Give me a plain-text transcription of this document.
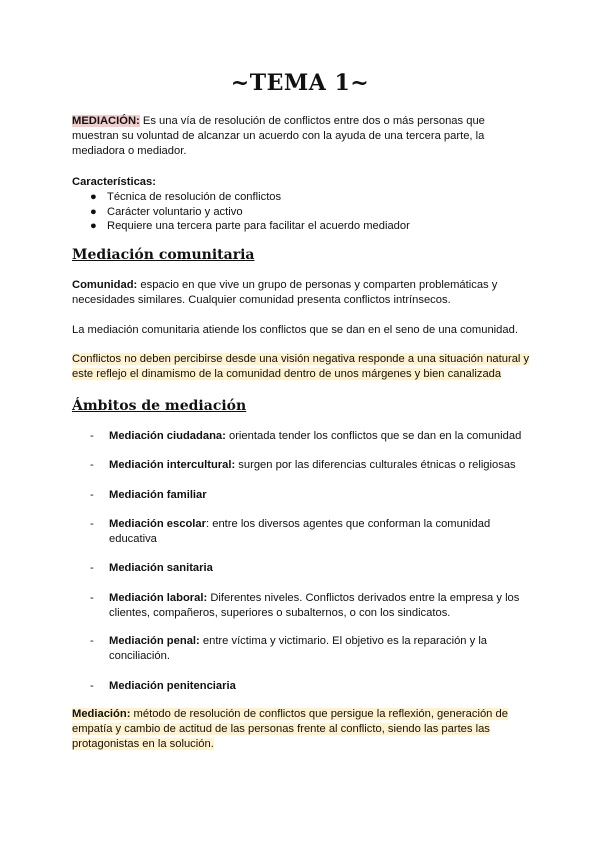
~TEMA 1~
MEDIACIÓN: Es una vía de resolución de conflictos entre dos o más personas que muestran su voluntad de alcanzar un acuerdo con la ayuda de una tercera parte, la mediadora o mediador.
Características:
● Técnica de resolución de conflictos
● Carácter voluntario y activo
● Requiere una tercera parte para facilitar el acuerdo mediador
Mediación comunitaria
Comunidad: espacio en que vive un grupo de personas y comparten problemáticas y necesidades similares. Cualquier comunidad presenta conflictos intrínsecos.
La mediación comunitaria atiende los conflictos que se dan en el seno de una comunidad.
Conflictos no deben percibirse desde una visión negativa responde a una situación natural y este reflejo el dinamismo de la comunidad dentro de unos márgenes y bien canalizada
Ámbitos de mediación
- Mediación ciudadana: orientada tender los conflictos que se dan en la comunidad
- Mediación intercultural: surgen por las diferencias culturales étnicas o religiosas
- Mediación familiar
- Mediación escolar: entre los diversos agentes que conforman la comunidad educativa
- Mediación sanitaria
- Mediación laboral: Diferentes niveles. Conflictos derivados entre la empresa y los clientes, compañeros, superiores o subalternos, o con los sindicatos.
- Mediación penal: entre víctima y victimario. El objetivo es la reparación y la conciliación.
- Mediación penitenciaria
Mediación: método de resolución de conflictos que persigue la reflexión, generación de empatía y cambio de actitud de las personas frente al conflicto, siendo las partes las protagonistas en la solución.
